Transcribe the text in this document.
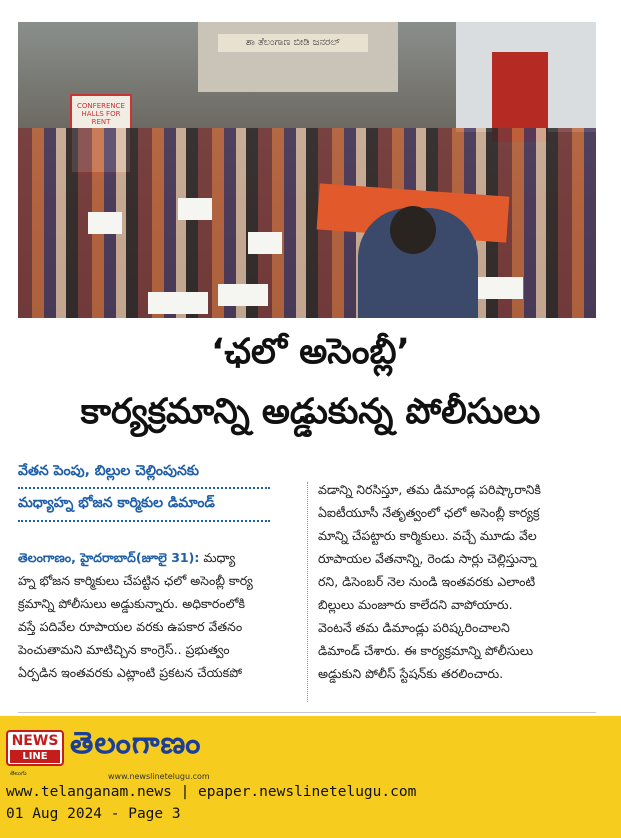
ಶಾ ತೆಲಂಗಾಣ ಬೀಡಿ ಜನರಲ್
CONFERENCE HALLS FOR RENT
‘ఛలో అసెంబ్లీ’
కార్యక్రమాన్ని అడ్డుకున్న పోలీసులు
వేతన పెంపు, బిల్లుల చెల్లింపునకు
మధ్యాహ్న భోజన కార్మికుల డిమాండ్
తెలంగాణం, హైదరాబాద్(జూలై 31): మధ్యా
హ్న భోజన కార్మికులు చేపట్టిన ఛలో అసెంబ్లీ కార్య
క్రమాన్ని పోలీసులు అడ్డుకున్నారు. అధికారంలోకి
వస్తే పదివేల రూపాయల వరకు ఉపకార వేతనం
పెంచుతామని మాటిచ్చిన కాంగ్రెస్.. ప్రభుత్వం
ఏర్పడిన ఇంతవరకు ఎట్లాంటి ప్రకటన చేయకపో
వడాన్ని నిరసిస్తూ, తమ డిమాండ్ల పరిష్కారానికి
ఏఐటీయూసీ నేతృత్వంలో ఛలో అసెంబ్లీ కార్యక్ర
మాన్ని చేపట్టారు కార్మికులు. వచ్చే మూడు వేల
రూపాయల వేతనాన్ని, రెండు సార్లు చెల్లిస్తున్నా
రని, డిసెంబర్ నెల నుండి ఇంతవరకు ఎలాంటి
బిల్లులు మంజూరు కాలేదని వాపోయారు.
వెంటనే తమ డిమాండ్లు పరిష్కరించాలని
డిమాండ్ చేశారు. ఈ కార్యక్రమాన్ని పోలీసులు
అడ్డుకుని పోలీస్ స్టేషన్‌కు తరలించారు.
NEWS
LINE
తెలుగు
తెలంగాణం
www.newslinetelugu.com
www.telanganam.news | epaper.newslinetelugu.com
01 Aug 2024 - Page 3
